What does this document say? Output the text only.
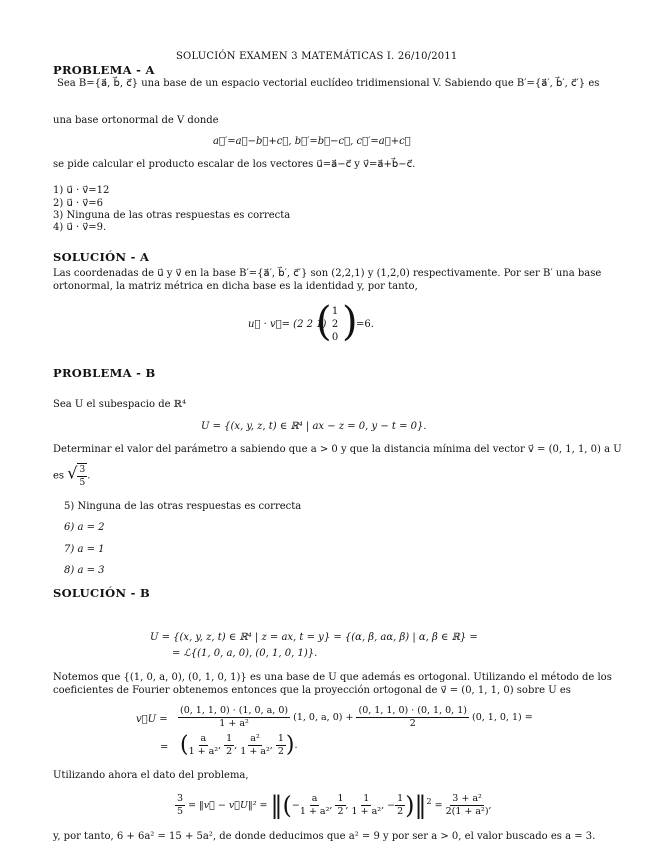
SOLUCIÓN EXAMEN 3 MATEMÁTICAS I. 26/10/2011
PROBLEMA - A
Sea B={a⃗, b⃗, c⃗} una base de un espacio vectorial euclídeo tridimensional V. Sabiendo que B′={a⃗′, b⃗′, c⃗′} es
una base ortonormal de V donde
a⃗′=a⃗−b⃗+c⃗, b⃗′=b⃗−c⃗, c⃗′=a⃗+c⃗
se pide calcular el producto escalar de los vectores u⃗=a⃗−c⃗ y v⃗=a⃗+b⃗−c⃗.
1) u⃗ · v⃗=12
2) u⃗ · v⃗=6
3) Ninguna de las otras respuestas es correcta
4) u⃗ · v⃗=9.
SOLUCIÓN - A
Las coordenadas de u⃗ y v⃗ en la base B′={a⃗′, b⃗′, c⃗′} son (2,2,1) y (1,2,0) respectivamente. Por ser B′ una base
ortonormal, la matriz métrica en dicha base es la identidad y, por tanto,
u⃗ · v⃗= (2 2 1)
( 1
2
0 )
=6.
PROBLEMA - B
Sea U el subespacio de ℝ⁴
U = {(x, y, z, t) ∈ ℝ⁴ | ax − z = 0, y − t = 0}.
Determinar el valor del parámetro a sabiendo que a > 0 y que la distancia mínima del vector v⃗ = (0, 1, 1, 0) a U
es √ $\frac{3}{5}$ .
5) Ninguna de las otras respuestas es correcta
6) a = 2
7) a = 1
8) a = 3
SOLUCIÓN - B
U = {(x, y, z, t) ∈ ℝ⁴ | z = ax, t = y} = {(α, β, aα, β) | α, β ∈ ℝ} =
= ℒ{(1, 0, a, 0), (0, 1, 0, 1)}.
Notemos que {(1, 0, a, 0), (0, 1, 0, 1)} es una base de U que además es ortogonal. Utilizando el método de los
coeficientes de Fourier obtenemos entonces que la proyección ortogonal de v⃗ = (0, 1, 1, 0) sobre U es
v⃗U = $\frac{(0, 1, 1, 0) \cdot (1, 0, a, 0)}{\text{1 + a²}} (1$, 0, a, $0) + \frac{(0, 1, 1, 0) \cdot (0, 1, 0, 1)}{2} (0$, 1, 0, 1) =
= ( $\frac{a}{\text{1 + a²}}$ , $\frac{1}{2}$ , $\frac{\text{a²}}{\text{1 + a²}}$ , $\frac{1}{2}$ ).
Utilizando ahora el dato del problema,
$\frac{3}{5}$ = ‖v⃗ − v⃗U‖² = ‖(− $\frac{a}{\text{1 + a²}}$ , $\frac{1}{2}$ , $\frac{1}{\text{1 + a²}}$ , − $\frac{1}{2}$ )‖$^2$ = $\frac{\text{3 + a²}}{\text{2(1 + a²)}}$ ,
y, por tanto, 6 + 6a² = 15 + 5a², de donde deducimos que a² = 9 y por ser a > 0, el valor buscado es a = 3.
